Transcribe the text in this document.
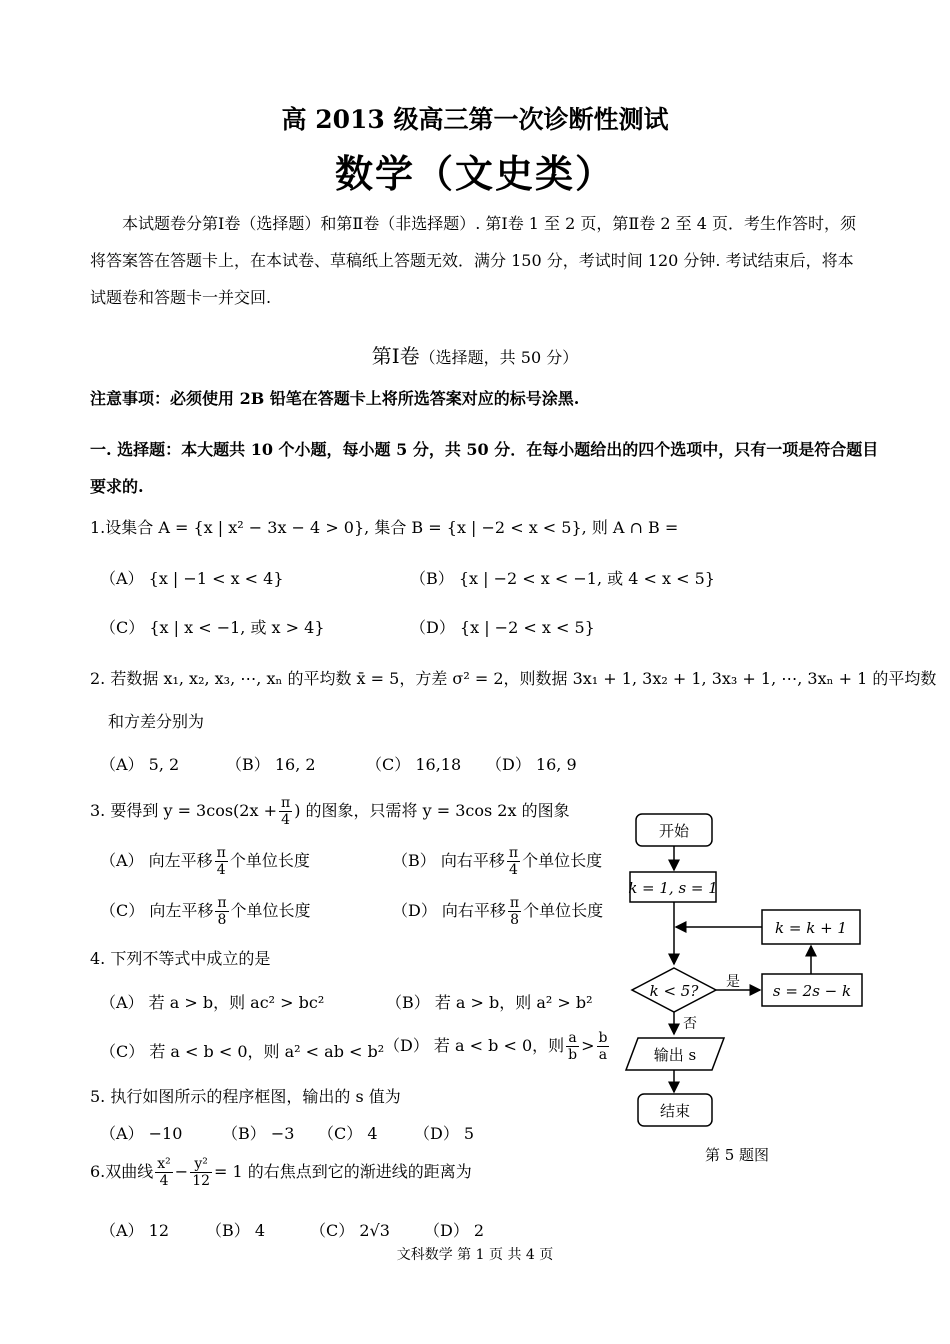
高 2013 级高三第一次诊断性测试
数学（文史类）
本试题卷分第Ⅰ卷（选择题）和第Ⅱ卷（非选择题）. 第Ⅰ卷 1 至 2 页，第Ⅱ卷 2 至 4 页．考生作答时，须将答案答在答题卡上，在本试卷、草稿纸上答题无效．满分 150 分，考试时间 120 分钟. 考试结束后，将本试题卷和答题卡一并交回.
第Ⅰ卷（选择题，共 50 分）
注意事项：必须使用 2B 铅笔在答题卡上将所选答案对应的标号涂黑.
一. 选择题：本大题共 10 个小题，每小题 5 分，共 50 分．在每小题给出的四个选项中，只有一项是符合题目
要求的.
1.设集合 A = {x | x² − 3x − 4 > 0}, 集合 B = {x | −2 < x < 5}, 则 A ∩ B =
（A） {x | −1 < x < 4}	（B） {x | −2 < x < −1, 或 4 < x < 5}
（C） {x | x < −1, 或 x > 4}	（D） {x | −2 < x < 5}
2. 若数据 x₁, x₂, x₃, ⋯, xₙ 的平均数 x̄ = 5，方差 σ² = 2，则数据 3x₁ + 1, 3x₂ + 1, 3x₃ + 1, ⋯, 3xₙ + 1 的平均数
和方差分别为
（A） 5, 2	（B） 16, 2	（C） 16,18 （D） 16, 9
3. 要得到 $y = 3\cos(2x + \frac{\pi}{4}$ ) 的图象，只需将 y = 3cos 2x 的图象
（A） 向左平移 $\frac{\pi}{4}$ 个单位长度	（B） 向右平移 $\frac{\pi}{4}$ 个单位长度
（C） 向左平移 $\frac{\pi}{8}$ 个单位长度	（D） 向右平移 $\frac{\pi}{8}$ 个单位长度
4. 下列不等式中成立的是
（A） 若 a > b，则 ac² > bc²	（B） 若 a > b，则 a² > b²
（C） 若 a < b < 0，则 a² < ab < b² （D） 若 a < b < 0，则 $\frac{a}{b} > \frac{b}{a}$
5. 执行如图所示的程序框图，输出的 s 值为
（A） −10 （B） −3 （C） 4 （D） 5
6.双曲线 $\frac{\text{x²}}{4} - \frac{\text{y²}}{12} = 1$ 的右焦点到它的渐进线的距离为
（A） 12 （B） 4	（C） 2√3 （D） 2
开始
k = 1, s = 1
k = k + 1
k < 5? 是 s = 2s − k
否
输出 s
结束
第 5 题图
文科数学 第 1 页 共 4 页
